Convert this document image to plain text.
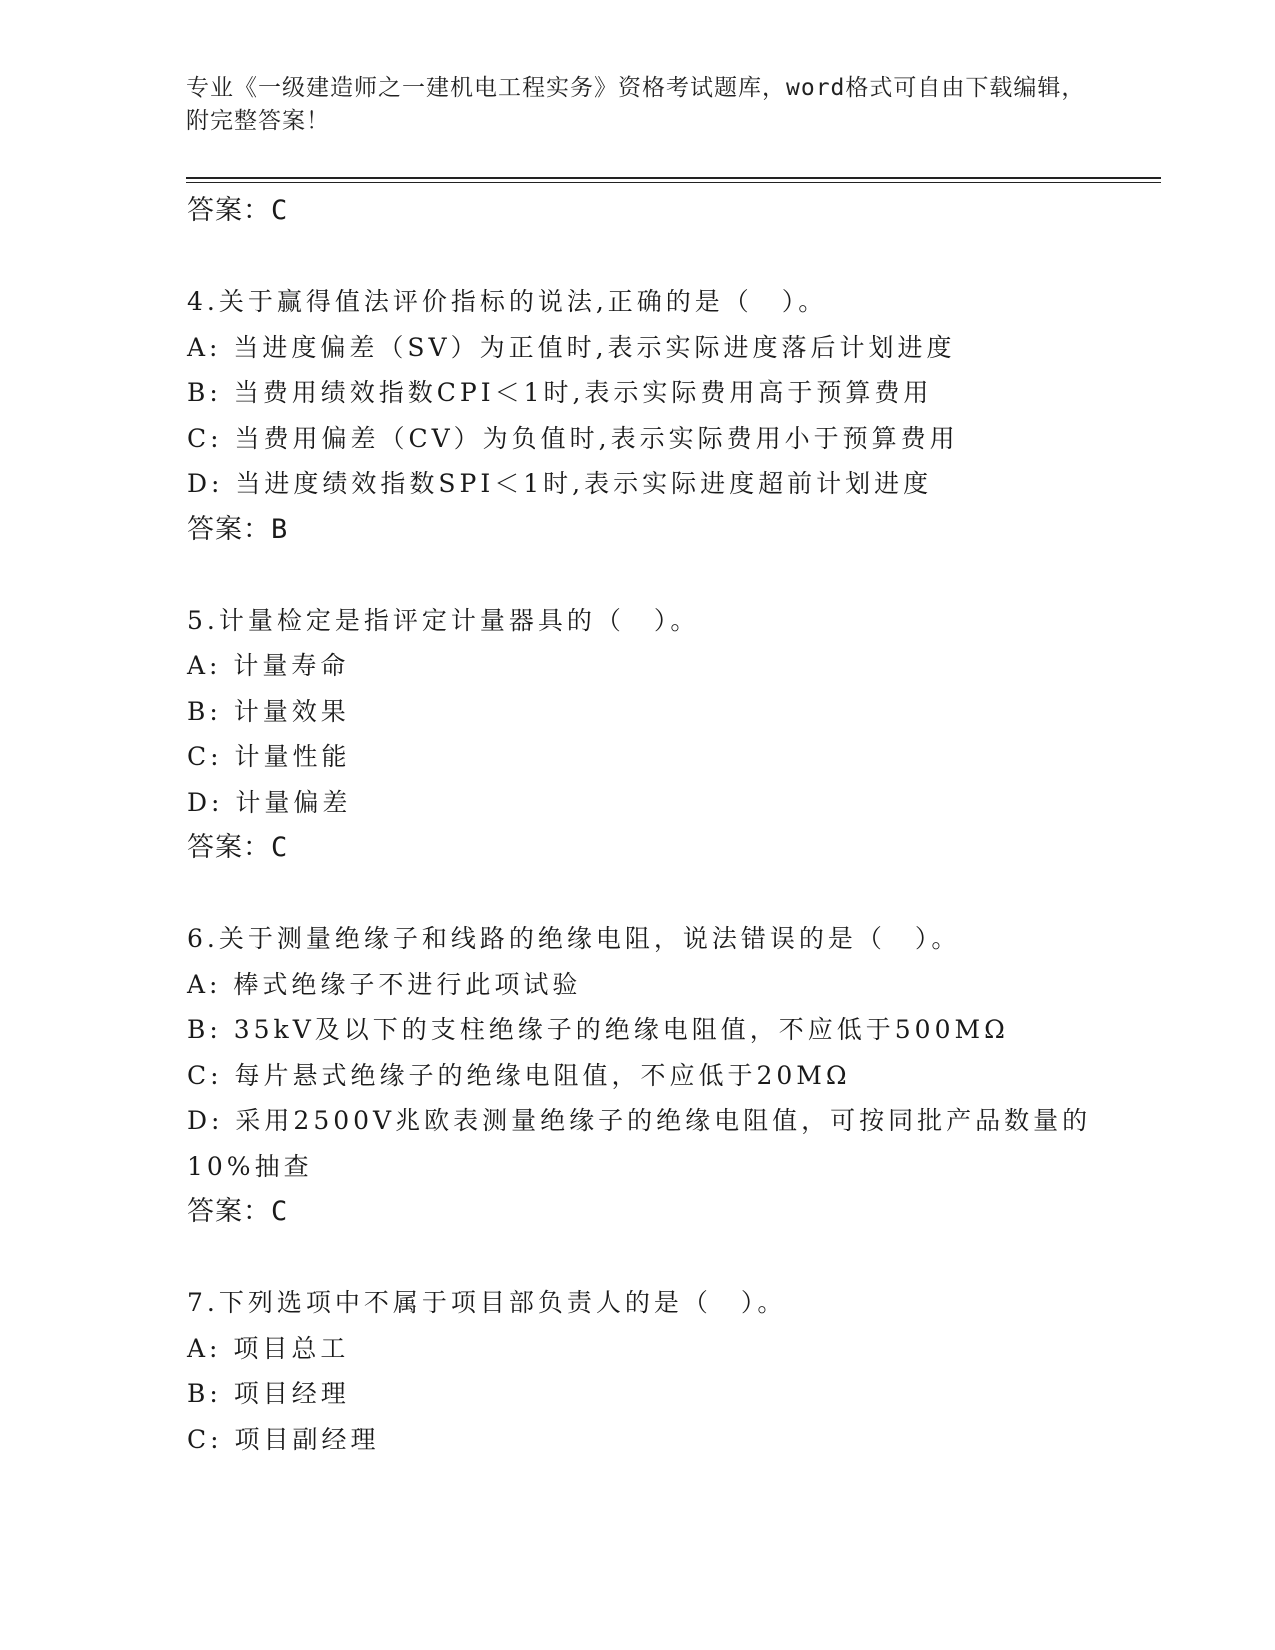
专业《一级建造师之一建机电工程实务》资格考试题库，word格式可自由下载编辑，附完整答案！
答案：C
4.关于赢得值法评价指标的说法,正确的是（　）。
A: 当进度偏差（SV）为正值时,表示实际进度落后计划进度
B: 当费用绩效指数CPI＜1时,表示实际费用高于预算费用
C: 当费用偏差（CV）为负值时,表示实际费用小于预算费用
D: 当进度绩效指数SPI＜1时,表示实际进度超前计划进度
答案：B
5.计量检定是指评定计量器具的（　）。
A: 计量寿命
B: 计量效果
C: 计量性能
D: 计量偏差
答案：C
6.关于测量绝缘子和线路的绝缘电阻，说法错误的是（　）。
A: 棒式绝缘子不进行此项试验
B: 35kV及以下的支柱绝缘子的绝缘电阻值，不应低于500MΩ
C: 每片悬式绝缘子的绝缘电阻值，不应低于20MΩ
D: 采用2500V兆欧表测量绝缘子的绝缘电阻值，可按同批产品数量的
10%抽查
答案：C
7.下列选项中不属于项目部负责人的是（　）。
A: 项目总工
B: 项目经理
C: 项目副经理
